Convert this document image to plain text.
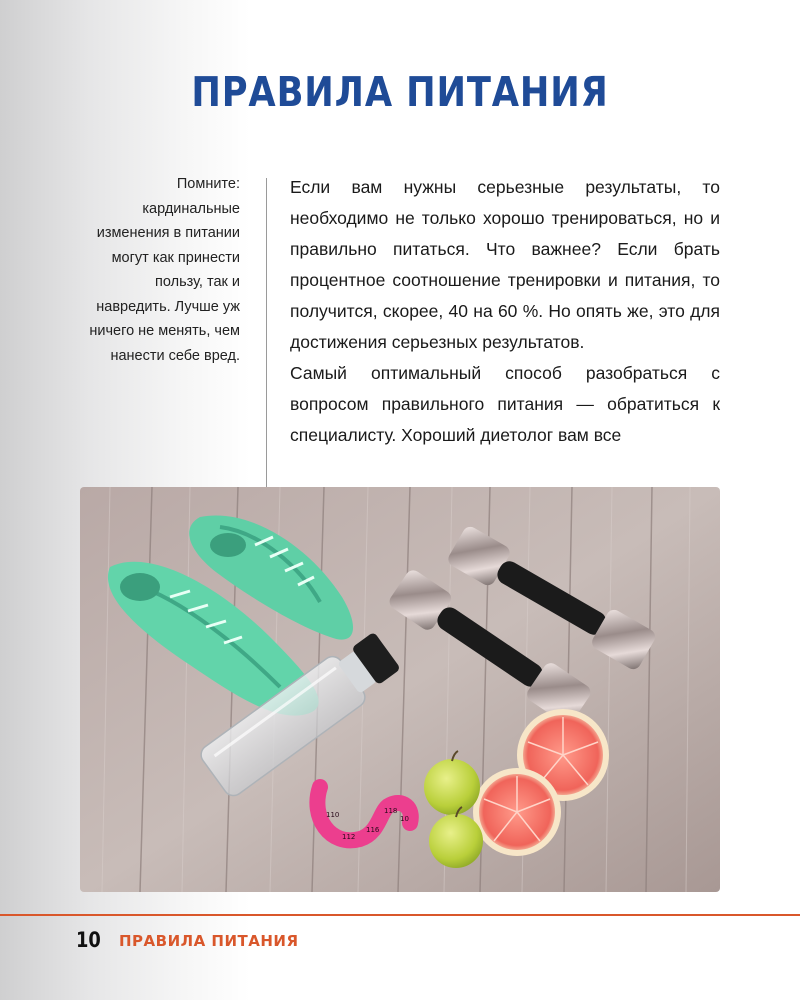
ПРАВИЛА ПИТАНИЯ
Помните: кардинальные изменения в питании могут как принести пользу, так и навредить. Лучше уж ничего не менять, чем нанести себе вред.

Если вам нужны серьезные результаты, то необходимо не только хорошо тренироваться, но и правильно питаться. Что важнее? Если брать процентное соотношение тренировки и питания, то получится, скорее, 40 на 60 %. Но опять же, это для достижения серьезных результатов.

Самый оптимальный способ разобраться с вопросом правильного питания — обратиться к специалисту. Хороший диетолог вам все

110
112
116
118
10
10 ПРАВИЛА ПИТАНИЯ
